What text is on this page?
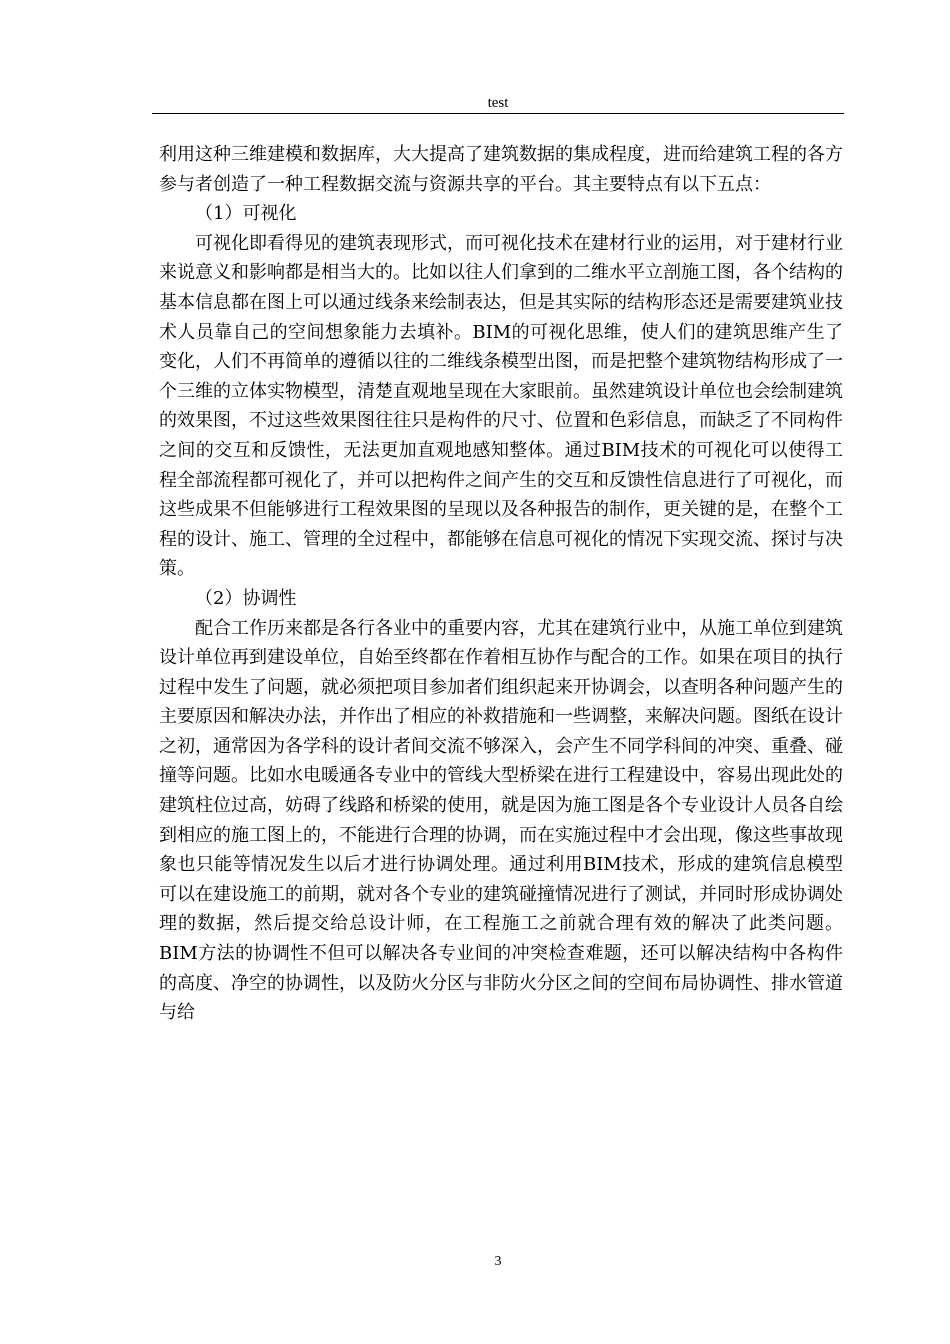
test

利用这种三维建模和数据库，大大提高了建筑数据的集成程度，进而给建筑工程的各方参与者创造了一种工程数据交流与资源共享的平台。其主要特点有以下五点：

（1）可视化

可视化即看得见的建筑表现形式，而可视化技术在建材行业的运用，对于建材行业来说意义和影响都是相当大的。比如以往人们拿到的二维水平立剖施工图，各个结构的基本信息都在图上可以通过线条来绘制表达，但是其实际的结构形态还是需要建筑业技术人员靠自己的空间想象能力去填补。BIM的可视化思维，使人们的建筑思维产生了变化，人们不再简单的遵循以往的二维线条模型出图，而是把整个建筑物结构形成了一个三维的立体实物模型，清楚直观地呈现在大家眼前。虽然建筑设计单位也会绘制建筑的效果图，不过这些效果图往往只是构件的尺寸、位置和色彩信息，而缺乏了不同构件之间的交互和反馈性，无法更加直观地感知整体。通过BIM技术的可视化可以使得工程全部流程都可视化了，并可以把构件之间产生的交互和反馈性信息进行了可视化，而这些成果不但能够进行工程效果图的呈现以及各种报告的制作，更关键的是，在整个工程的设计、施工、管理的全过程中，都能够在信息可视化的情况下实现交流、探讨与决策。

（2）协调性

配合工作历来都是各行各业中的重要内容，尤其在建筑行业中，从施工单位到建筑设计单位再到建设单位，自始至终都在作着相互协作与配合的工作。如果在项目的执行过程中发生了问题，就必须把项目参加者们组织起来开协调会，以查明各种问题产生的主要原因和解决办法，并作出了相应的补救措施和一些调整，来解决问题。图纸在设计之初，通常因为各学科的设计者间交流不够深入，会产生不同学科间的冲突、重叠、碰撞等问题。比如水电暖通各专业中的管线大型桥梁在进行工程建设中，容易出现此处的建筑柱位过高，妨碍了线路和桥梁的使用，就是因为施工图是各个专业设计人员各自绘到相应的施工图上的，不能进行合理的协调，而在实施过程中才会出现，像这些事故现象也只能等情况发生以后才进行协调处理。通过利用BIM技术，形成的建筑信息模型可以在建设施工的前期，就对各个专业的建筑碰撞情况进行了测试，并同时形成协调处理的数据，然后提交给总设计师，在工程施工之前就合理有效的解决了此类问题。BIM方法的协调性不但可以解决各专业间的冲突检查难题，还可以解决结构中各构件的高度、净空的协调性，以及防火分区与非防火分区之间的空间布局协调性、排水管道与给

3
